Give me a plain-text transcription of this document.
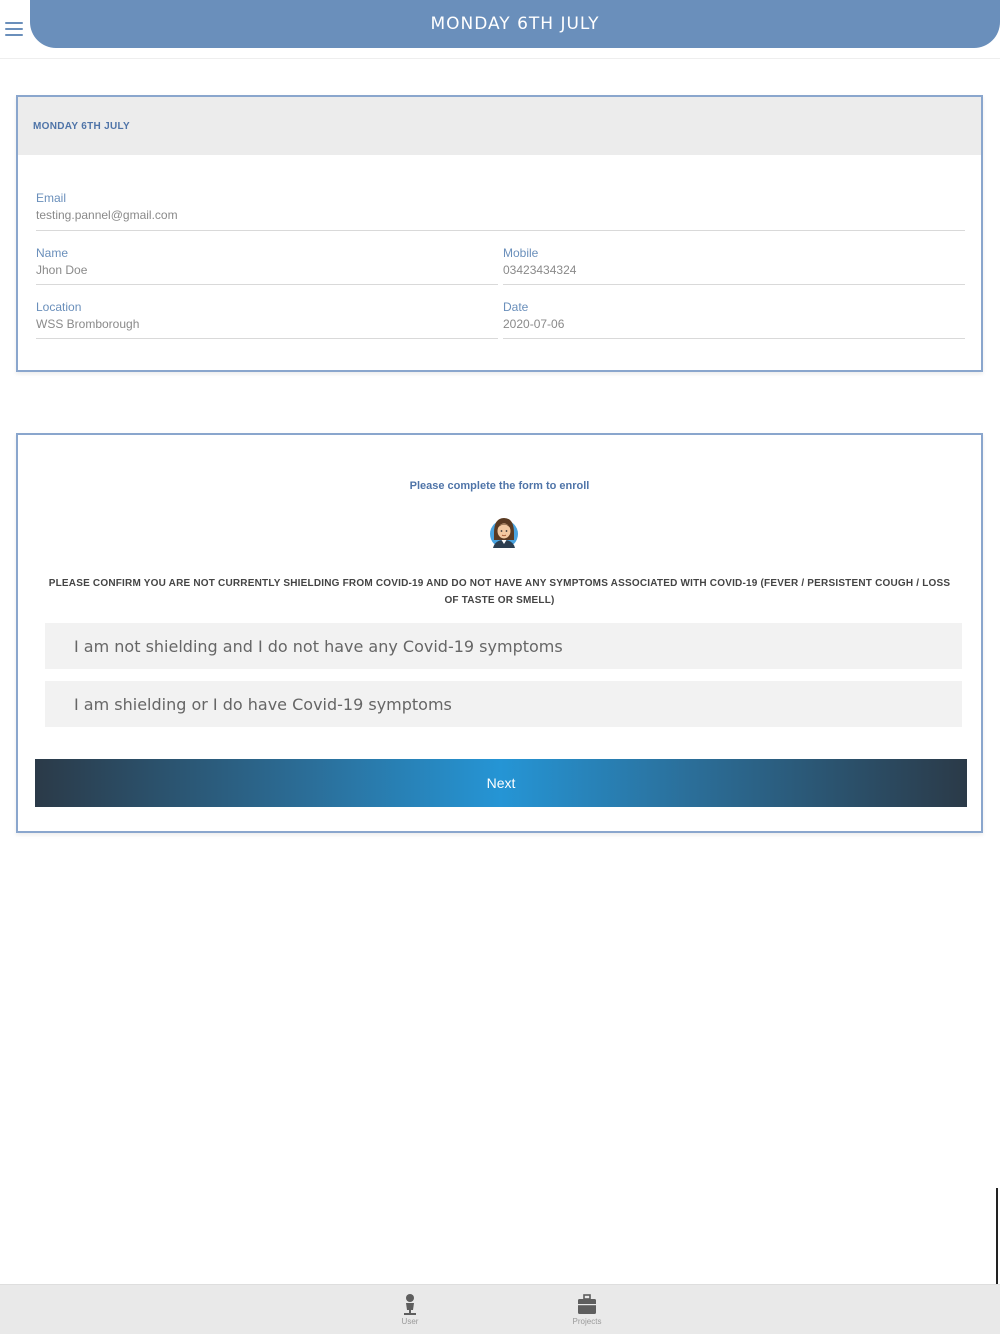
MONDAY 6TH JULY
MONDAY 6TH JULY
Email
testing.pannel@gmail.com
Name
Jhon Doe
Mobile
03423434324
Location
WSS Bromborough
Date
2020-07-06
Please complete the form to enroll
PLEASE CONFIRM YOU ARE NOT CURRENTLY SHIELDING FROM COVID-19 AND DO NOT HAVE ANY SYMPTOMS ASSOCIATED WITH COVID-19 (FEVER / PERSISTENT COUGH / LOSS OF TASTE OR SMELL)
I am not shielding and I do not have any Covid-19 symptoms
I am shielding or I do have Covid-19 symptoms
Next
User	Projects
